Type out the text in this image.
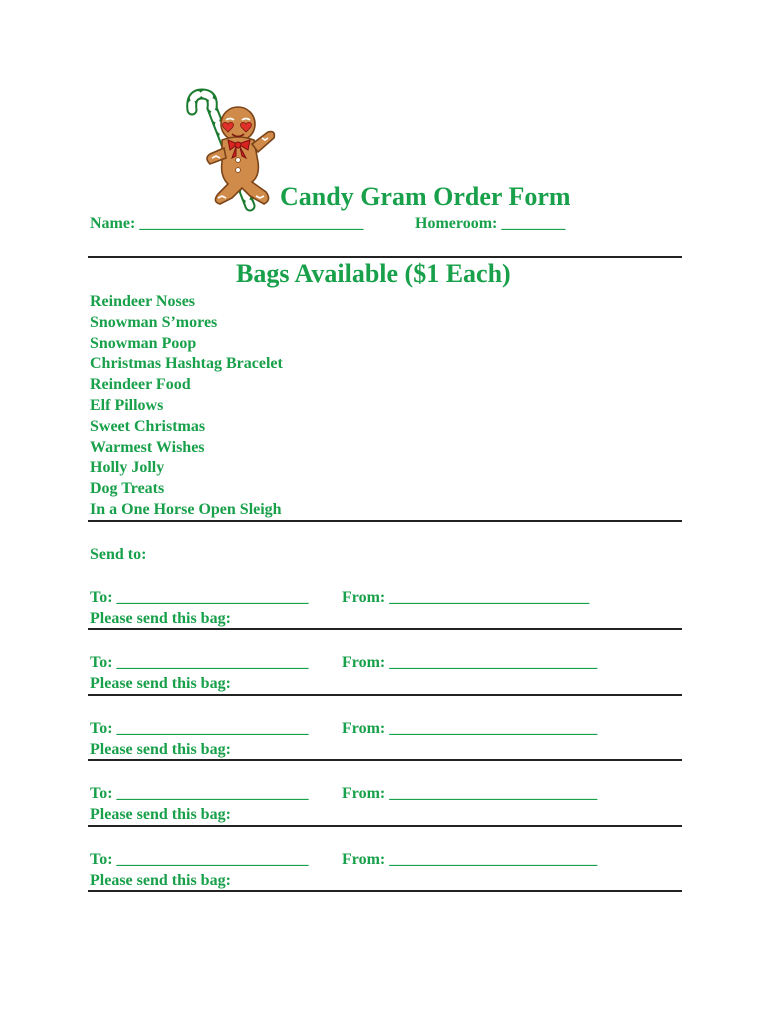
Candy Gram Order Form
Name: ____________________________	Homeroom: ________
Bags Available ($1 Each)
Reindeer Noses
Snowman S’mores
Snowman Poop
Christmas Hashtag Bracelet
Reindeer Food
Elf Pillows
Sweet Christmas
Warmest Wishes
Holly Jolly
Dog Treats
In a One Horse Open Sleigh
Send to:
To: ________________________ From: _________________________
Please send this bag:
To: ________________________ From: __________________________
Please send this bag:
To: ________________________ From: __________________________
Please send this bag:
To: ________________________ From: __________________________
Please send this bag:
To: ________________________ From: __________________________
Please send this bag:
